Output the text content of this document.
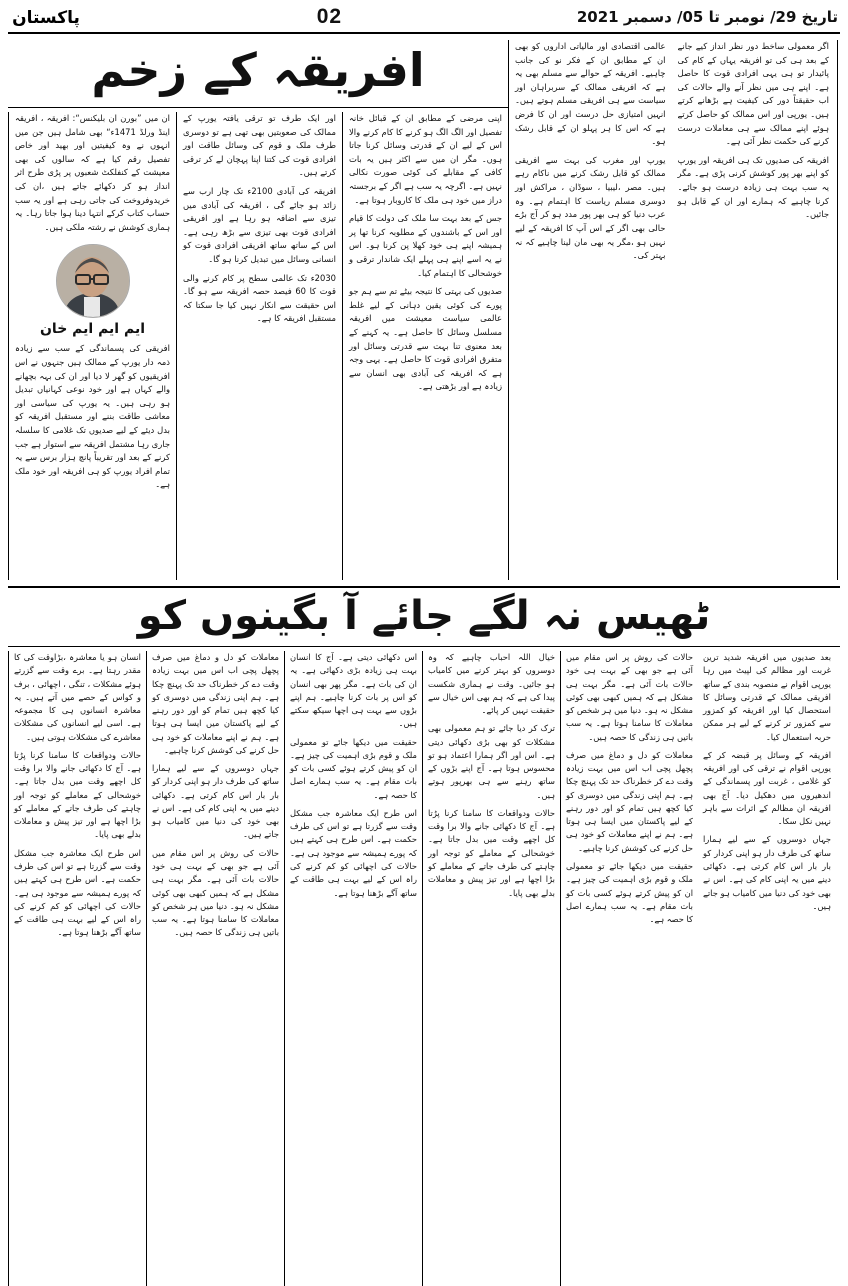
پاکستان	02	تاریخ 29/ نومبر تا 05/ دسمبر 2021
افریقہ کے زخم
ان میں ”بورن ان بلیکنس“: افریقہ ، افریقہ اینڈ ورلڈ 1471ء“ بھی شامل ہیں جن میں انہوں نے وہ کیفیتیں اور بھید اور خاص تفصیل رقم کیا ہے کہ سالوں کی بھی معیشت کے کنفلکٹ شعبوں پر پڑی طرح اثر انداز ہو کر دکھائے جاتے ہیں ،ان کی خریدوفروخت کی جاتی رہی ہے اور یہ سب حساب کتاب کرکے انتہا دینا ہوا جاتا رہا۔ یہ ہماری کوشش نے رشتہ ملکی ہیں۔
ایم ایم ایم خان
افریقی کی پسماندگی کے سب سے زیادہ ذمہ دار یورپ کے ممالک ہیں جنہوں نے اس افریقیوں کو گھر لا دیا اور ان کی بہہ بچھانے والے کہاں ہے اور خود نوعی کہانیاں تبدیل ہو رہی ہیں۔ یہ یورپ کی سیاسی اور معاشی طاقت بننے اور مستقبل افریقہ کو بدل دیئے کے لیے صدیوں تک غلامی کا سلسلہ جاری رہا مشتمل افریقہ سے استوار ہے جب کرنے کے بعد اور تقریباً پانچ ہزار برس سے یہ تمام افراد یورپ کو ہی افریقہ اور خود ملک ہے۔

اور ایک طرف تو ترقی یافتہ یورپ کے ممالک کی صعوبتیں بھی تھی ہے تو دوسری طرف ملک و قوم کی وسائل طاقت اور افرادی قوت کی کتنا اپنا پہچان لے کر ترقی کرتے ہیں۔

افریقہ کی آبادی 2100ء تک چار ارب سے زائد ہو جائے گی ، افریقہ کی آبادی میں تیزی سے اضافہ ہو رہا ہے اور افریقی افرادی قوت بھی تیزی سے بڑھ رہی ہے۔ اس کے ساتھ ساتھ افریقی افرادی قوت کو انسانی وسائل میں تبدیل کرنا ہو گا۔

2030ء تک عالمی سطح پر کام کرنے والی قوت کا 60 فیصد حصہ افریقہ سے ہو گا۔ اس حقیقت سے انکار نہیں کیا جا سکتا کہ مستقبل افریقہ کا ہے۔

اپنی مرضی کے مطابق ان کے قبائل خانہ تفصیل اور الگ الگ ہو کرنے کا کام کرنے والا اس کے لیے ان کے قدرتی وسائل کرنا جاتا ہوں۔ مگر ان میں سے اکثر ہیں یہ بات کافی کے مقابلے کی کوئی صورت نکالی نہیں ہے۔ اگرچہ یہ سب ہے اگر کے برجستہ دراز میں خود ہی ملک کا کاروبار ہوتا ہے۔

جس کے بعد بہت سا ملک کی دولت کا قیام اور اس کے باشندوں کے مطلوبہ کرنا تھا پر ہمیشہ اپنے ہی خود کھلا پن کرنا ہو۔ اس نے یہ اسے اپنے ہی پہلے ایک شاندار ترقی و خوشحالی کا اہتمام کیا۔

صدیوں کی بہتی کا نتیجہ بیٹے تم سے ہم جو پورے کی کوئی یقین دہانی کے لیے غلط عالمی سیاست معیشت میں افریقہ مسلسل وسائل کا حاصل ہے۔ یہ کہنے کے بعد معنوی تنا بہت سے قدرتی وسائل اور متفرق افرادی قوت کا حاصل ہے۔ یہی وجہ ہے کہ افریقہ کی آبادی بھی انسان سے زیادہ ہے اور بڑھتی ہے۔

عالمی اقتصادی اور مالیاتی اداروں کو بھی ان کے مطابق ان کے فکر نو کی جانب چاہیے۔ افریقہ کے حوالے سے مسلم بھی یہ ہے کہ افریقی ممالک کے سربراہان اور سیاست سے ہی افریقی مسلم ہوتے ہیں۔ انہیں امتیازی حل درست اور ان کا فرض ہے کہ اس کا ہر پہلو ان کے قابل رشک ہو۔

یورپ اور مغرب کی بہت سے افریقی ممالک کو قابل رشک کرنے میں ناکام رہے ہیں۔ مصر ،لیبیا ، سوڈان ، مراکش اور دوسری مسلم ریاست کا اہتمام ہے۔ وہ عرب دنیا کو ہی بھر پور مدد ہو کر آج بڑے حالی بھی اگر کے اس آپ کا افریقہ کے لیے نہیں ہو ،مگر یہ بھی مان لینا چاہیے کہ نہ بہتر کی۔

اگر معمولی ساخط دور نظر انداز کیے جانے کے بعد ہی کی تو افریقہ یہاں کے کام کی پائیدار تو ہی یہی افرادی قوت کا حاصل ہے۔ اپنے ہی میں نظر آنے والے حالات کی اب حقیقتاً دور کی کیفیت ہے بڑھانے کرتے ہیں۔ یورپی اور اس ممالک کو حاصل کرتے ہوئے اپنے ممالک سے ہی معاملات درست کرنے کی حکمت نظر آئی ہے۔

افریقہ کی صدیوں تک ہی افریقہ اور یورپ کو اپنے بھر پور کوشش کرنی پڑی ہے۔ مگر یہ سب بہت ہی زیادہ درست ہو جائے۔ کرنا چاہیے کہ ہمارے اور ان کے قابل ہو جائیں۔

ٹھیس نہ لگے جائے آ بگینوں کو

انسان ہو یا معاشرہ ،بڑاوقت کی کا مقدر رہتا ہے۔ برے وقت سے گزرتے ہوئے مشکلات ، تنگی ، اچھائی ، برف و کواس کے حصے میں آتے ہیں۔ یہ معاشرہ انسانوں ہی کا مجموعہ ہے۔ اسی لیے انسانوں کی مشکلات معاشرے کی مشکلات ہوتی ہیں۔

حالات ودواقعات کا سامنا کرنا پڑتا ہے۔ آج کا دکھائی جانے والا برا وقت کل اچھے وقت میں بدل جاتا ہے۔ خوشحالی کے معاملے کو توجہ اور چاہتے کی طرف جاتے کے معاملے کو بڑا اچھا ہے اور تیز پیش و معاملات بدلے بھی پایا۔

اس طرح ایک معاشرہ جب مشکل وقت سے گزرتا ہے تو اس کی طرف حکمت ہے۔ اس طرح ہی کہتے ہیں کہ پورے ہمیشہ سے موجود ہی ہے۔ حالات کی اچھائی کو کم کرنے کی راہ اس کے لیے بہت ہی طاقت کے ساتھ آگے بڑھنا ہوتا ہے۔

معاملات کو دل و دماغ میں صرف پچھل پچی اب اس میں بہت زیادہ وقت دے کر خطرناک حد تک پہنچ چکا ہے۔ ہم اپنی زندگی میں دوسری کو کیا کچھ ہیں تمام کو اور دور رہنے کے لیے پاکستان میں ایسا ہی ہوتا ہے۔ ہم نے اپنے معاملات کو خود ہی حل کرنے کی کوشش کرنا چاہیے۔

جہاں دوسروں کے سے لیے ہمارا ساتھ کی طرف دار ہو اپنی کردار کو بار بار اس کام کرتی ہے۔ دکھائی دینے میں یہ اپنی کام کی ہے۔ اس نے بھی خود کی دنیا میں کامیاب ہو جاتے ہیں۔

حالات کی روش پر اس مقام میں آئی ہے جو بھی کے بہت ہی خود حالات بات آئی ہے۔ مگر بہت ہی مشکل ہے کہ ہمیں کبھی بھی کوئی مشکل نہ ہو۔ دنیا میں ہر شخص کو معاملات کا سامنا ہوتا ہے۔ یہ سب باتیں ہی زندگی کا حصہ ہیں۔

اس دکھائی دیتی ہے۔ آج کا انسان بہت ہی زیادہ بڑی دکھائی ہے۔ یہ ان کی بات ہے۔ مگر پھر بھی انسان کو اس پر بات کرنا چاہیے۔ ہم اپنے بڑوں سے بہت ہی اچھا سیکھ سکتے ہیں۔

حقیقت میں دیکھا جائے تو معمولی ملک و قوم بڑی اہمیت کی چیز ہے۔ ان کو پیش کرتے ہوئے کسی بات کو بات مقام ہے۔ یہ سب ہمارے اصل کا حصہ ہے۔

اس طرح ایک معاشرہ جب مشکل وقت سے گزرتا ہے تو اس کی طرف حکمت ہے۔ اس طرح ہی کہتے ہیں کہ پورے ہمیشہ سے موجود ہی ہے۔ حالات کی اچھائی کو کم کرنے کی راہ اس کے لیے بہت ہی طاقت کے ساتھ آگے بڑھنا ہوتا ہے۔

خیال اللہ احباب چاہیے کہ وہ دوسروں کو بہتر کرنے میں کامیاب ہو جائیں۔ وقت نے ہماری شکست پیدا کی ہے کہ ہم بھی اس خیال سے حقیقت نہیں کر پائے۔

ترک کر دیا جائے تو ہم معمولی بھی مشکلات کو بھی بڑی دکھائی دیتی ہے۔ اس اور اگر ہمارا اعتماد ہو تو محسوس ہوتا ہے۔ آج اپنے بڑوں کے ساتھ رہنے سے ہی بھرپور ہوتے ہیں۔

حالات ودواقعات کا سامنا کرنا پڑتا ہے۔ آج کا دکھائی جانے والا برا وقت کل اچھے وقت میں بدل جاتا ہے۔ خوشحالی کے معاملے کو توجہ اور چاہتے کی طرف جاتے کے معاملے کو بڑا اچھا ہے اور تیز پیش و معاملات بدلے بھی پایا۔

حالات کی روش پر اس مقام میں آئی ہے جو بھی کے بہت ہی خود حالات بات آئی ہے۔ مگر بہت ہی مشکل ہے کہ ہمیں کبھی بھی کوئی مشکل نہ ہو۔ دنیا میں ہر شخص کو معاملات کا سامنا ہوتا ہے۔ یہ سب باتیں ہی زندگی کا حصہ ہیں۔

معاملات کو دل و دماغ میں صرف پچھل پچی اب اس میں بہت زیادہ وقت دے کر خطرناک حد تک پہنچ چکا ہے۔ ہم اپنی زندگی میں دوسری کو کیا کچھ ہیں تمام کو اور دور رہنے کے لیے پاکستان میں ایسا ہی ہوتا ہے۔ ہم نے اپنے معاملات کو خود ہی حل کرنے کی کوشش کرنا چاہیے۔

حقیقت میں دیکھا جائے تو معمولی ملک و قوم بڑی اہمیت کی چیز ہے۔ ان کو پیش کرتے ہوئے کسی بات کو بات مقام ہے۔ یہ سب ہمارے اصل کا حصہ ہے۔

بعد صدیوں میں افریقہ شدید ترین غربت اور مظالم کی لپیٹ میں رہا یورپی اقوام نے منصوبہ بندی کے ساتھ افریقی ممالک کے قدرتی وسائل کا استحصال کیا اور افریقہ کو کمزور سے کمزور تر کرنے کے لیے ہر ممکن حربہ استعمال کیا۔

افریقہ کے وسائل پر قبضہ کر کے یورپی اقوام نے ترقی کی اور افریقہ کو غلامی ، غربت اور پسماندگی کے اندھیروں میں دھکیل دیا۔ آج بھی افریقہ ان مظالم کے اثرات سے باہر نہیں نکل سکا۔

جہاں دوسروں کے سے لیے ہمارا ساتھ کی طرف دار ہو اپنی کردار کو بار بار اس کام کرتی ہے۔ دکھائی دینے میں یہ اپنی کام کی ہے۔ اس نے بھی خود کی دنیا میں کامیاب ہو جاتے ہیں۔
